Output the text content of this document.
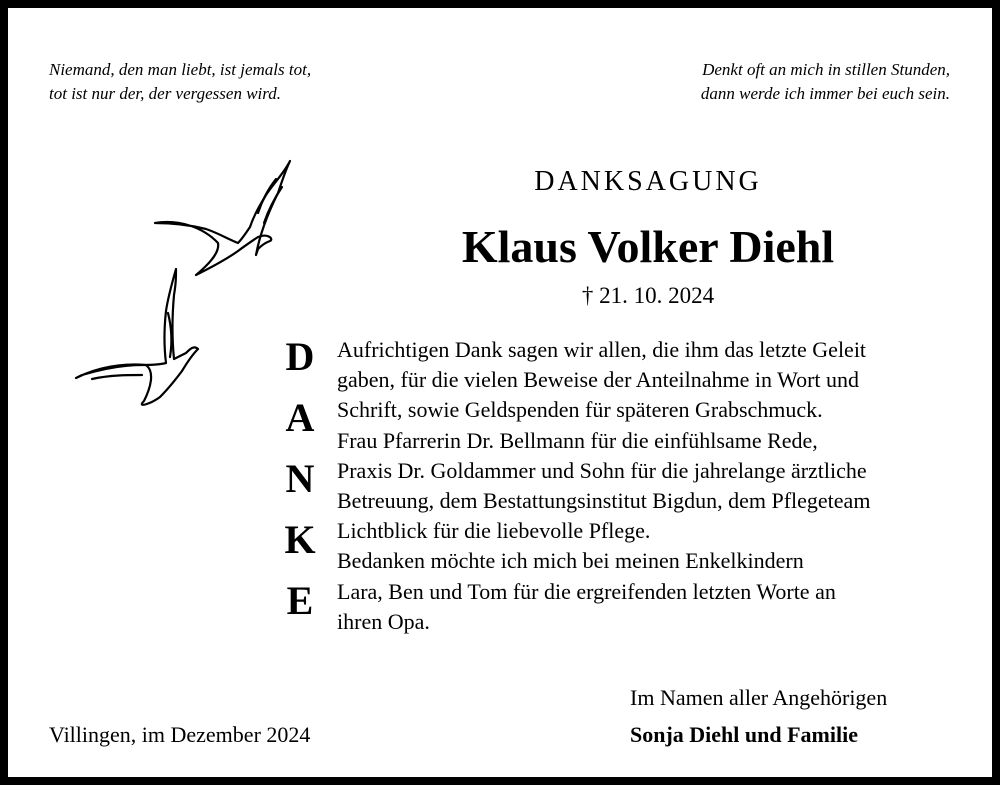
Niemand, den man liebt, ist jemals tot,
tot ist nur der, der vergessen wird.
Denkt oft an mich in stillen Stunden,
dann werde ich immer bei euch sein.
DANKSAGUNG
Klaus Volker Diehl
† 21. 10. 2024
D
A
N
K
E
Aufrichtigen Dank sagen wir allen, die ihm das letzte Geleit
gaben, für die vielen Beweise der Anteilnahme in Wort und
Schrift, sowie Geldspenden für späteren Grabschmuck.
Frau Pfarrerin Dr. Bellmann für die einfühlsame Rede,
Praxis Dr. Goldammer und Sohn für die jahrelange ärztliche
Betreuung, dem Bestattungsinstitut Bigdun, dem Pflegeteam
Lichtblick für die liebevolle Pflege.
Bedanken möchte ich mich bei meinen Enkelkindern
Lara, Ben und Tom für die ergreifenden letzten Worte an
ihren Opa.
Im Namen aller Angehörigen
Villingen, im Dezember 2024	Sonja Diehl und Familie
